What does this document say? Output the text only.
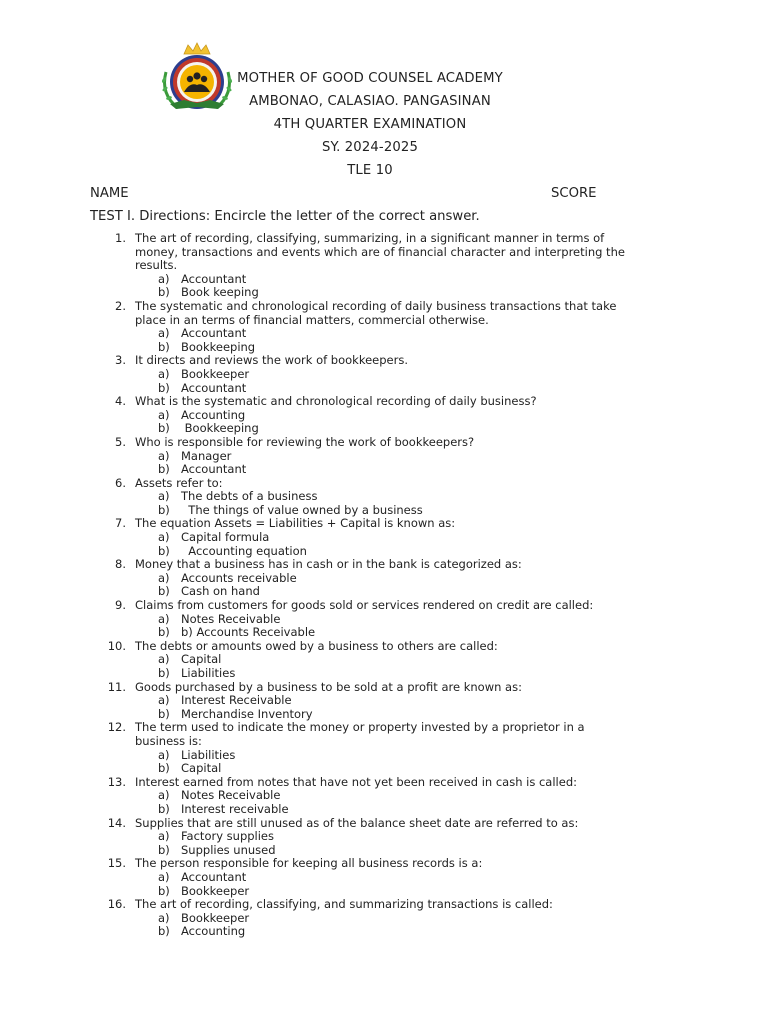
MOTHER OF GOOD COUNSEL ACADEMY
AMBONAO, CALASIAO. PANGASINAN
4TH QUARTER EXAMINATION
SY. 2024-2025
TLE 10
NAME	SCORE
TEST I. Directions: Encircle the letter of the correct answer.
1. The art of recording, classifying, summarizing, in a significant manner in terms of
money, transactions and events which are of financial character and interpreting the
results.
a) Accountant
b) Book keeping
2. The systematic and chronological recording of daily business transactions that take
place in an terms of financial matters, commercial otherwise.
a) Accountant
b) Bookkeeping
3. It directs and reviews the work of bookkeepers.
a) Bookkeeper
b) Accountant
4. What is the systematic and chronological recording of daily business?
a) Accounting
b) Bookkeeping
5. Who is responsible for reviewing the work of bookkeepers?
a) Manager
b) Accountant
6. Assets refer to:
a) The debts of a business
b) The things of value owned by a business
7. The equation Assets = Liabilities + Capital is known as:
a) Capital formula
b) Accounting equation
8. Money that a business has in cash or in the bank is categorized as:
a) Accounts receivable
b) Cash on hand
9. Claims from customers for goods sold or services rendered on credit are called:
a) Notes Receivable
b) b) Accounts Receivable
10. The debts or amounts owed by a business to others are called:
a) Capital
b) Liabilities
11. Goods purchased by a business to be sold at a profit are known as:
a) Interest Receivable
b) Merchandise Inventory
12. The term used to indicate the money or property invested by a proprietor in a
business is:
a) Liabilities
b) Capital
13. Interest earned from notes that have not yet been received in cash is called:
a) Notes Receivable
b) Interest receivable
14. Supplies that are still unused as of the balance sheet date are referred to as:
a) Factory supplies
b) Supplies unused
15. The person responsible for keeping all business records is a:
a) Accountant
b) Bookkeeper
16. The art of recording, classifying, and summarizing transactions is called:
a) Bookkeeper
b) Accounting
